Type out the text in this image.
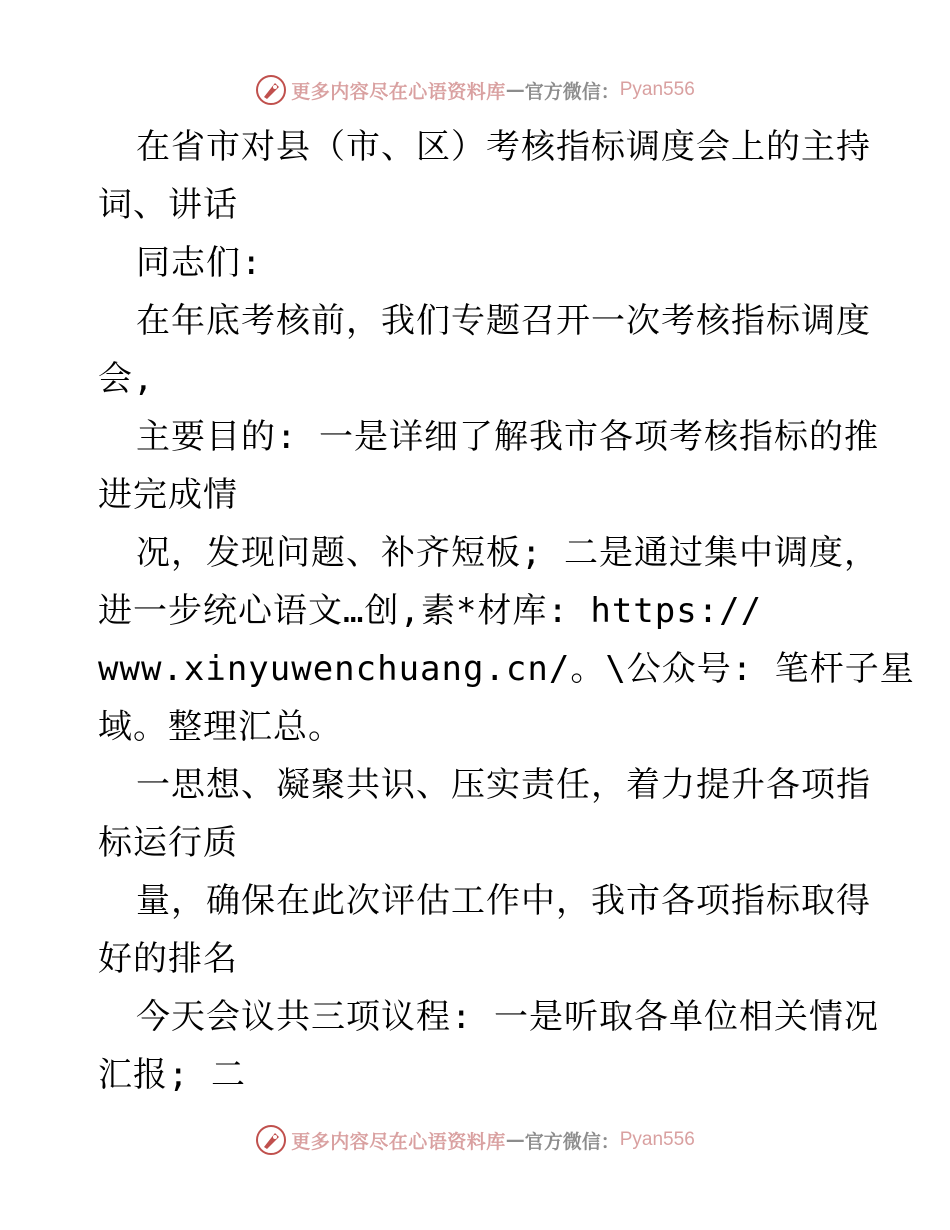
更多内容尽在心语资料库 — 官方微信： Pyan556
在省市对县（市、区）考核指标调度会上的主持
词、讲话
同志们:
在年底考核前，我们专题召开一次考核指标调度
会,
主要目的: 一是详细了解我市各项考核指标的推
进完成情
况，发现问题、补齐短板; 二是通过集中调度，
进一步统心语文…创,素*材库: https://
www.xinyuwenchuang.cn/。\公众号: 笔杆子星
域。整理汇总。
一思想、凝聚共识、压实责任，着力提升各项指
标运行质
量，确保在此次评估工作中，我市各项指标取得
好的排名
今天会议共三项议程: 一是听取各单位相关情况
汇报; 二
更多内容尽在心语资料库 — 官方微信： Pyan556
